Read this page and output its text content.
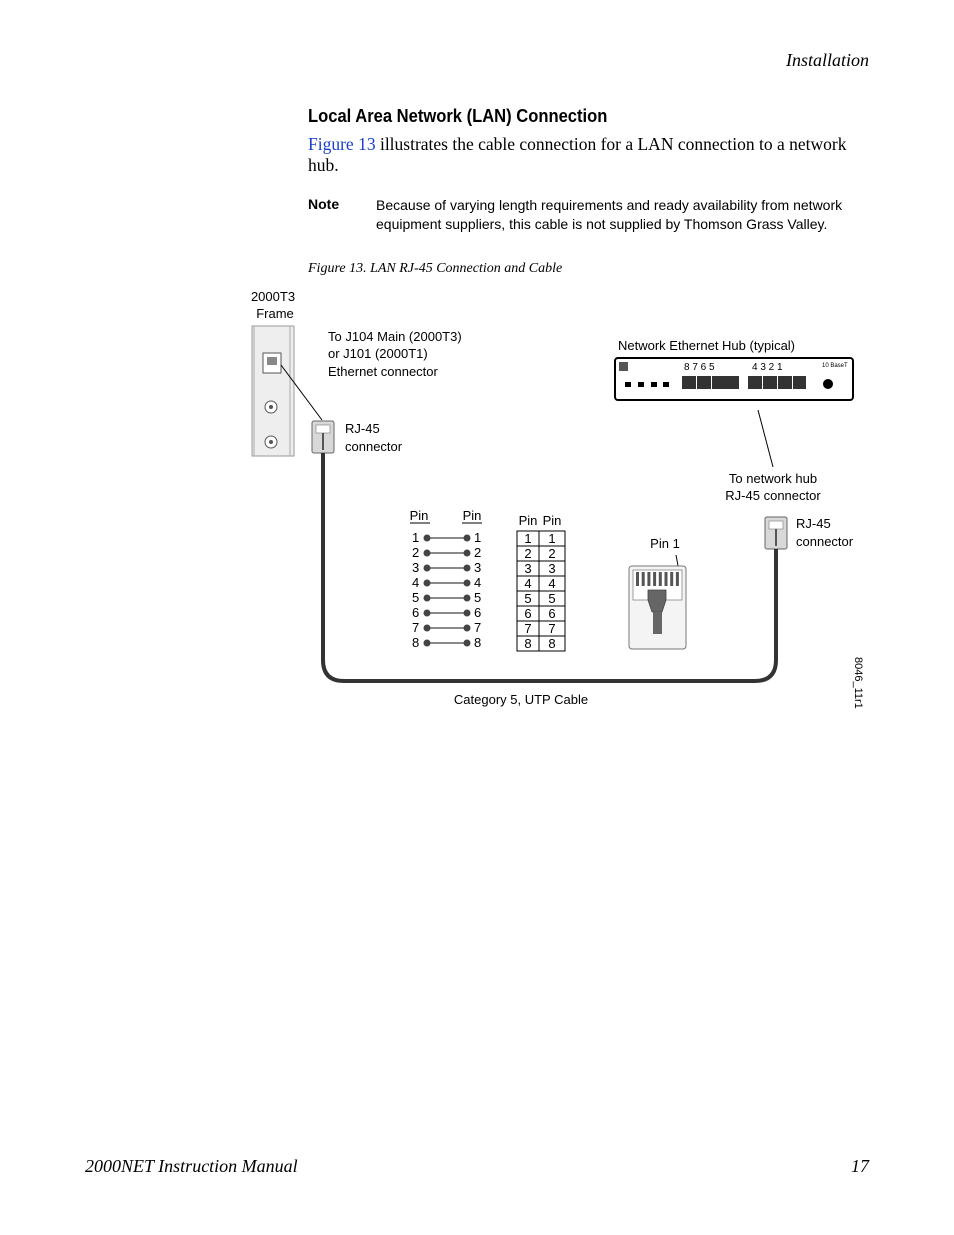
Installation
Local Area Network (LAN) Connection
Figure 13 illustrates the cable connection for a LAN connection to a network hub.
Note	Because of varying length requirements and ready availability from network equipment suppliers, this cable is not supplied by Thomson Grass Valley.
Figure 13. LAN RJ-45 Connection and Cable
2000T3
Frame
To J104 Main (2000T3)
or J101 (2000T1)
Ethernet connector
RJ-45
connector
Network Ethernet Hub (typical)
8 7 6 5	4 3 2 1	10 BaseT
To network hub
RJ-45 connector
RJ-45
connector
Category 5, UTP Cable
Pin	Pin
1	1
2	2
3	3
4	4
5	5
6	6
7	7
8	8
Pin Pin
1 1
2 2
3 3
4 4
5 5
6 6
7 7
8 8
Pin 1
8046_11r1
2000NET Instruction Manual	17
